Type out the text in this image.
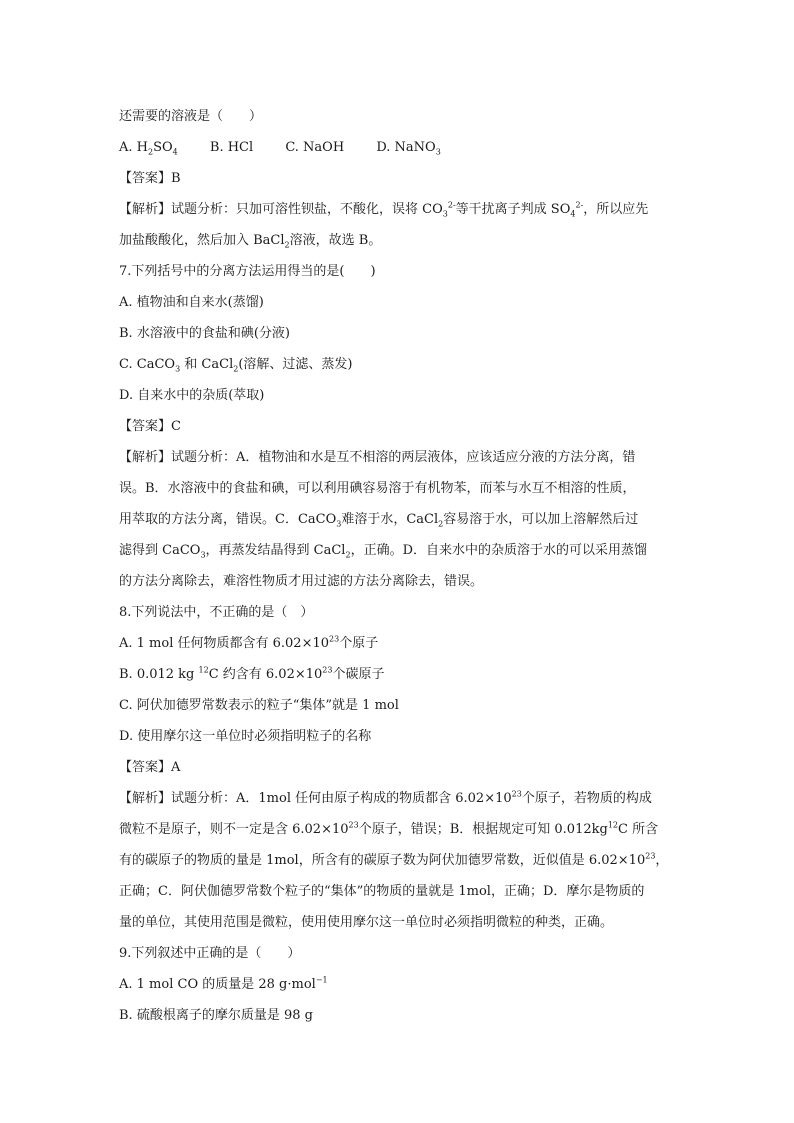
还需要的溶液是（　　）
A. $H_2SO_4$ B. HCl C. NaOH D. NaNO$_3$
【答案】B
【解析】试题分析：只加可溶性钡盐，不酸化，误将 $CO_3^{2-}$等干扰离子判成 $SO_4^{2-}$，所以应先
加盐酸酸化，然后加入 BaCl$_2$溶液，故选 B。
7.下列括号中的分离方法运用得当的是(　　)
A. 植物油和自来水(蒸馏)
B. 水溶液中的食盐和碘(分液)
C. CaCO$_3$ 和 CaCl$_2$(溶解、过滤、蒸发)
D. 自来水中的杂质(萃取)
【答案】C
【解析】试题分析：A．植物油和水是互不相溶的两层液体，应该适应分液的方法分离，错
误。B．水溶液中的食盐和碘，可以利用碘容易溶于有机物苯，而苯与水互不相溶的性质，
用萃取的方法分离，错误。C．CaCO$_3$难溶于水，CaCl$_2$容易溶于水，可以加上溶解然后过
滤得到 CaCO$_3$，再蒸发结晶得到 CaCl$_2$，正确。D．自来水中的杂质溶于水的可以采用蒸馏
的方法分离除去，难溶性物质才用过滤的方法分离除去，错误。
8.下列说法中，不正确的是（　）
A. 1 mol 任何物质都含有 $6.02\times 10^{23}$个原子
B. 0.012 kg $^{12}$C 约含有 $6.02\times 10^{23}$个碳原子
C. 阿伏加德罗常数表示的粒子“集体”就是 1 mol
D. 使用摩尔这一单位时必须指明粒子的名称
【答案】A
【解析】试题分析：A．1mol 任何由原子构成的物质都含 $6.02\times 10^{23}$个原子，若物质的构成
微粒不是原子，则不一定是含 $6.02\times 10^{23}$个原子，错误；B．根据规定可知 $0.012kg^{12}C$ 所含
有的碳原子的物质的量是 1mol，所含有的碳原子数为阿伏加德罗常数，近似值是 $6.02\times 10^{23}$，
正确；C．阿伏伽德罗常数个粒子的“集体”的物质的量就是 1mol，正确；D．摩尔是物质的
量的单位，其使用范围是微粒，使用使用摩尔这一单位时必须指明微粒的种类，正确。
9.下列叙述中正确的是（　　）
A. 1 mol CO 的质量是 28 g·mol$^{-1}$
B. 硫酸根离子的摩尔质量是 98 g
